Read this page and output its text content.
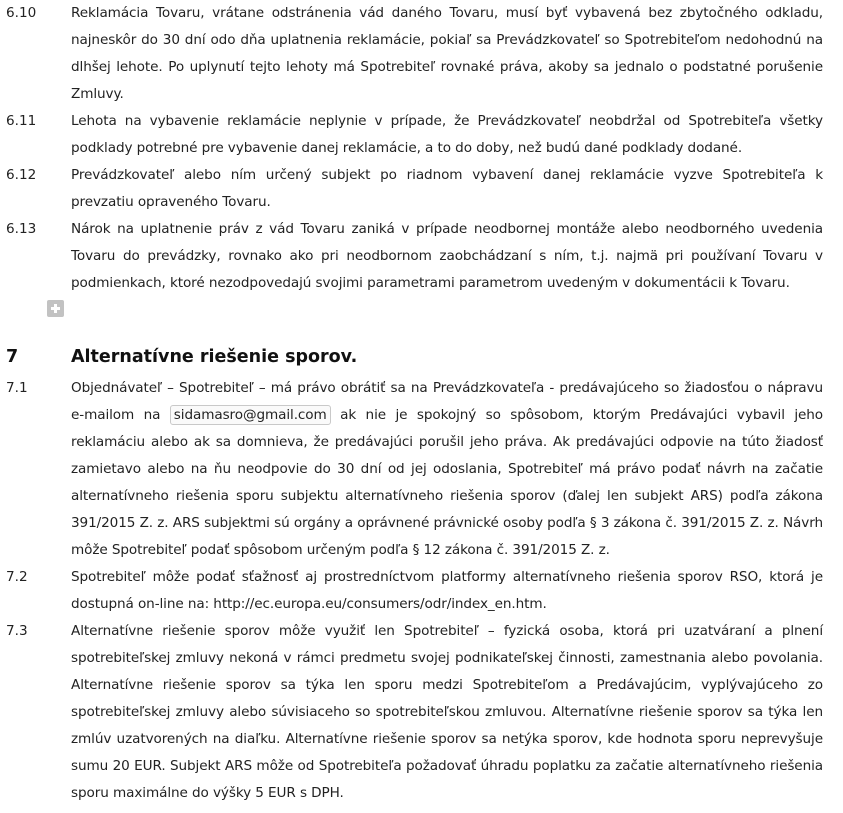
6.10	Reklamácia Tovaru, vrátane odstránenia vád daného Tovaru, musí byť vybavená bez zbytočného odkladu, najneskôr do 30 dní odo dňa uplatnenia reklamácie, pokiaľ sa Prevádzkovateľ so Spotrebiteľom nedohodnú na dlhšej lehote. Po uplynutí tejto lehoty má Spotrebiteľ rovnaké práva, akoby sa jednalo o podstatné porušenie Zmluvy.
6.11	Lehota na vybavenie reklamácie neplynie v prípade, že Prevádzkovateľ neobdržal od Spotrebiteľa všetky podklady potrebné pre vybavenie danej reklamácie, a to do doby, než budú dané podklady dodané.
6.12	Prevádzkovateľ alebo ním určený subjekt po riadnom vybavení danej reklamácie vyzve Spotrebiteľa k prevzatiu opraveného Tovaru.
6.13	Nárok na uplatnenie práv z vád Tovaru zaniká v prípade neodbornej montáže alebo neodborného uvedenia Tovaru do prevádzky, rovnako ako pri neodbornom zaobchádzaní s ním, t.j. najmä pri používaní Tovaru v podmienkach, ktoré nezodpovedajú svojimi parametrami parametrom uvedeným v dokumentácii k Tovaru.
7	Alternatívne riešenie sporov.
7.1	Objednávateľ – Spotrebiteľ – má právo obrátiť sa na Prevádzkovateľa - predávajúceho so žiadosťou o nápravu e-mailom na sidamasro@gmail.com ak nie je spokojný so spôsobom, ktorým Predávajúci vybavil jeho reklamáciu alebo ak sa domnieva, že predávajúci porušil jeho práva. Ak predávajúci odpovie na túto žiadosť zamietavo alebo na ňu neodpovie do 30 dní od jej odoslania, Spotrebiteľ má právo podať návrh na začatie alternatívneho riešenia sporu subjektu alternatívneho riešenia sporov (ďalej len subjekt ARS) podľa zákona 391/2015 Z. z. ARS subjektmi sú orgány a oprávnené právnické osoby podľa § 3 zákona č. 391/2015 Z. z. Návrh môže Spotrebiteľ podať spôsobom určeným podľa § 12 zákona č. 391/2015 Z. z.
7.2	Spotrebiteľ môže podať sťažnosť aj prostredníctvom platformy alternatívneho riešenia sporov RSO, ktorá je dostupná on-line na: http://ec.europa.eu/consumers/odr/index_en.htm.
7.3	Alternatívne riešenie sporov môže využiť len Spotrebiteľ – fyzická osoba, ktorá pri uzatváraní a plnení spotrebiteľskej zmluvy nekoná v rámci predmetu svojej podnikateľskej činnosti, zamestnania alebo povolania. Alternatívne riešenie sporov sa týka len sporu medzi Spotrebiteľom a Predávajúcim, vyplývajúceho zo spotrebiteľskej zmluvy alebo súvisiaceho so spotrebiteľskou zmluvou. Alternatívne riešenie sporov sa týka len zmlúv uzatvorených na diaľku. Alternatívne riešenie sporov sa netýka sporov, kde hodnota sporu neprevyšuje sumu 20 EUR. Subjekt ARS môže od Spotrebiteľa požadovať úhradu poplatku za začatie alternatívneho riešenia sporu maximálne do výšky 5 EUR s DPH.
